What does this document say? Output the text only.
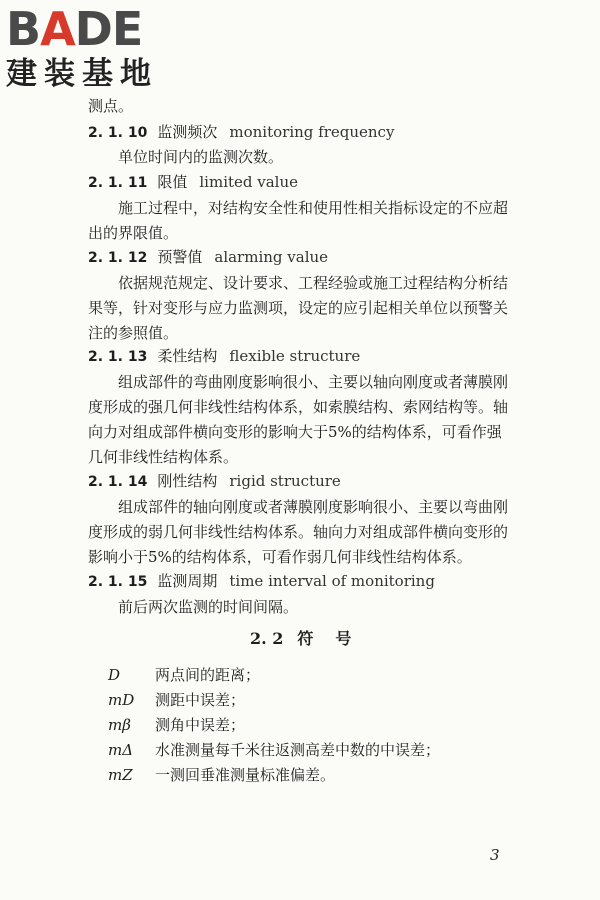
BADE
建装基地
测点。
2. 1. 10 监测频次 monitoring frequency
单位时间内的监测次数。
2. 1. 11 限值 limited value
施工过程中，对结构安全性和使用性相关指标设定的不应超
出的界限值。
2. 1. 12 预警值 alarming value
依据规范规定、设计要求、工程经验或施工过程结构分析结
果等，针对变形与应力监测项，设定的应引起相关单位以预警关
注的参照值。
2. 1. 13 柔性结构 flexible structure
组成部件的弯曲刚度影响很小、主要以轴向刚度或者薄膜刚
度形成的强几何非线性结构体系，如索膜结构、索网结构等。轴
向力对组成部件横向变形的影响大于5%的结构体系，可看作强
几何非线性结构体系。
2. 1. 14 刚性结构 rigid structure
组成部件的轴向刚度或者薄膜刚度影响很小、主要以弯曲刚
度形成的弱几何非线性结构体系。轴向力对组成部件横向变形的
影响小于5%的结构体系，可看作弱几何非线性结构体系。
2. 1. 15 监测周期 time interval of monitoring
前后两次监测的时间间隔。
2. 2 符号
D 两点间的距离；
mD 测距中误差；
mβ 测角中误差；
mΔ 水准测量每千米往返测高差中数的中误差；
mZ 一测回垂准测量标准偏差。
3
